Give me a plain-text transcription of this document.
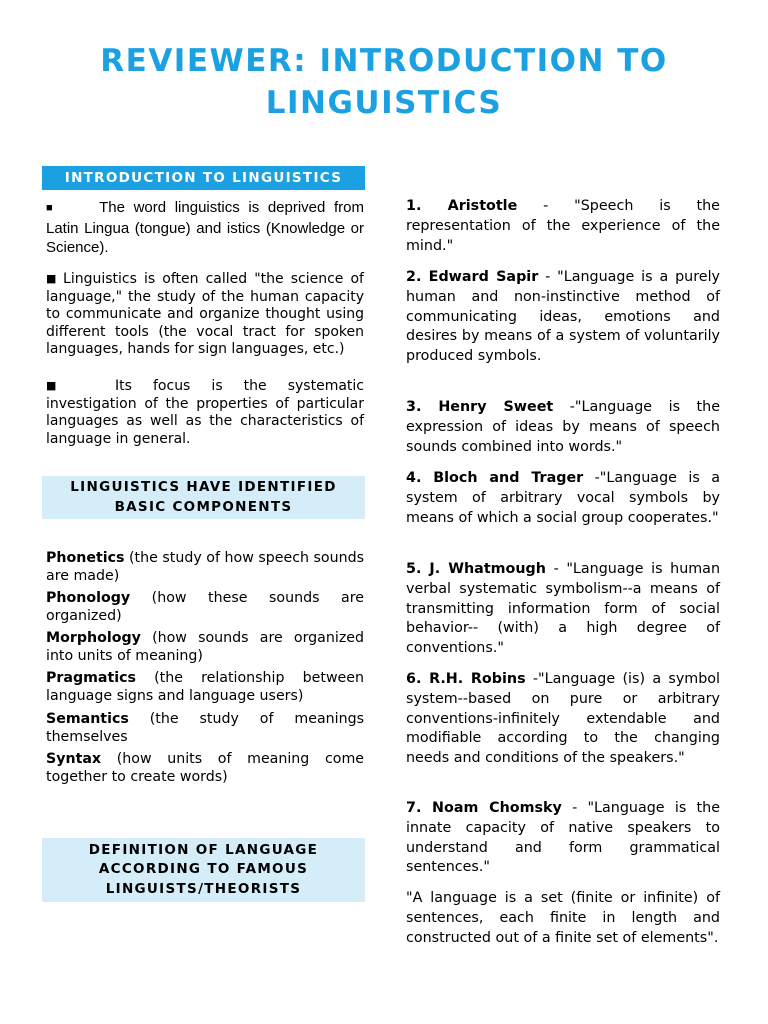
REVIEWER: INTRODUCTION TO
LINGUISTICS
INTRODUCTION TO LINGUISTICS
■	The word linguistics is deprived from Latin Lingua (tongue) and istics (Knowledge or Science).
■ Linguistics is often called "the science of language," the study of the human capacity to communicate and organize thought using different tools (the vocal tract for spoken languages, hands for sign languages, etc.)
■	Its focus is the systematic investigation of the properties of particular languages as well as the characteristics of language in general.
LINGUISTICS HAVE IDENTIFIED
BASIC COMPONENTS
Phonetics (the study of how speech sounds are made)
Phonology (how these sounds are organized)
Morphology (how sounds are organized into units of meaning)
Pragmatics (the relationship between language signs and language users)
Semantics (the study of meanings themselves
Syntax (how units of meaning come together to create words)
DEFINITION OF LANGUAGE
ACCORDING TO FAMOUS
LINGUISTS/THEORISTS
1. Aristotle - "Speech is the representation of the experience of the mind."
2. Edward Sapir - "Language is a purely human and non-instinctive method of communicating ideas, emotions and desires by means of a system of voluntarily produced symbols.
3. Henry Sweet -"Language is the expression of ideas by means of speech sounds combined into words."
4. Bloch and Trager -"Language is a system of arbitrary vocal symbols by means of which a social group cooperates."
5. J. Whatmough - "Language is human verbal systematic symbolism--a means of transmitting information form of social behavior-- (with) a high degree of conventions."
6. R.H. Robins -"Language (is) a symbol system--based on pure or arbitrary conventions-infinitely extendable and modifiable according to the changing needs and conditions of the speakers."
7. Noam Chomsky - "Language is the innate capacity of native speakers to understand and form grammatical sentences."
"A language is a set (finite or infinite) of sentences, each finite in length and constructed out of a finite set of elements".
